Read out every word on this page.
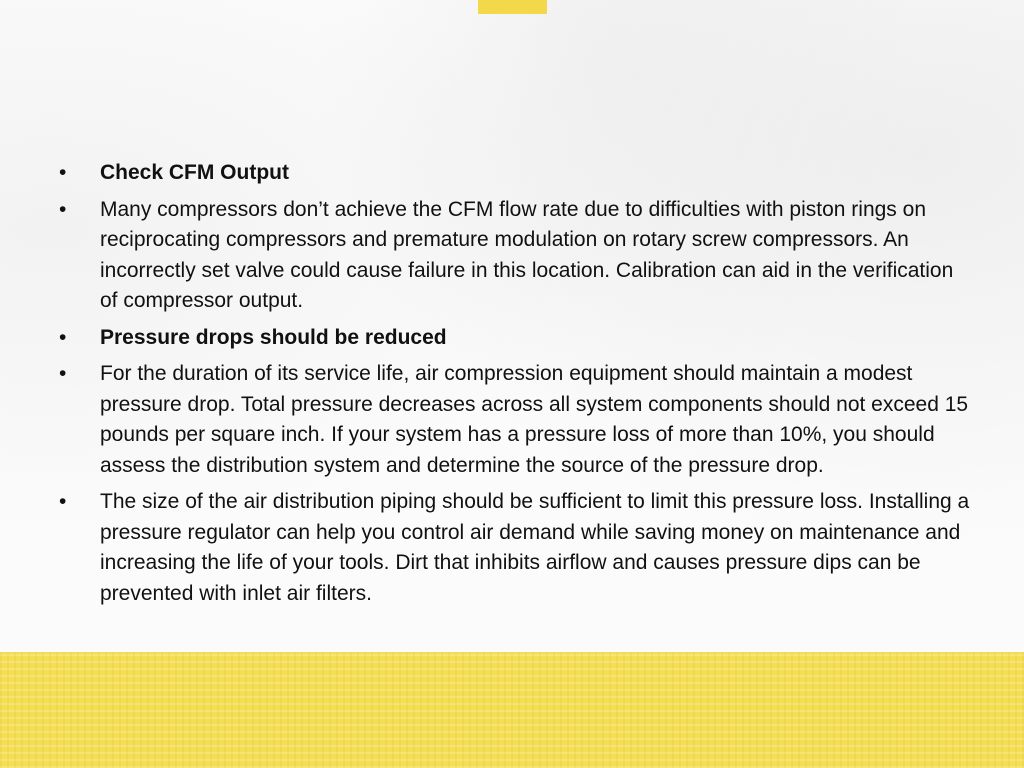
• Check CFM Output
• Many compressors don’t achieve the CFM flow rate due to difficulties with piston rings on reciprocating compressors and premature modulation on rotary screw compressors. An incorrectly set valve could cause failure in this location. Calibration can aid in the verification of compressor output.
• Pressure drops should be reduced
• For the duration of its service life, air compression equipment should maintain a modest pressure drop. Total pressure decreases across all system components should not exceed 15 pounds per square inch. If your system has a pressure loss of more than 10%, you should assess the distribution system and determine the source of the pressure drop.
• The size of the air distribution piping should be sufficient to limit this pressure loss. Installing a pressure regulator can help you control air demand while saving money on maintenance and increasing the life of your tools. Dirt that inhibits airflow and causes pressure dips can be prevented with inlet air filters.
